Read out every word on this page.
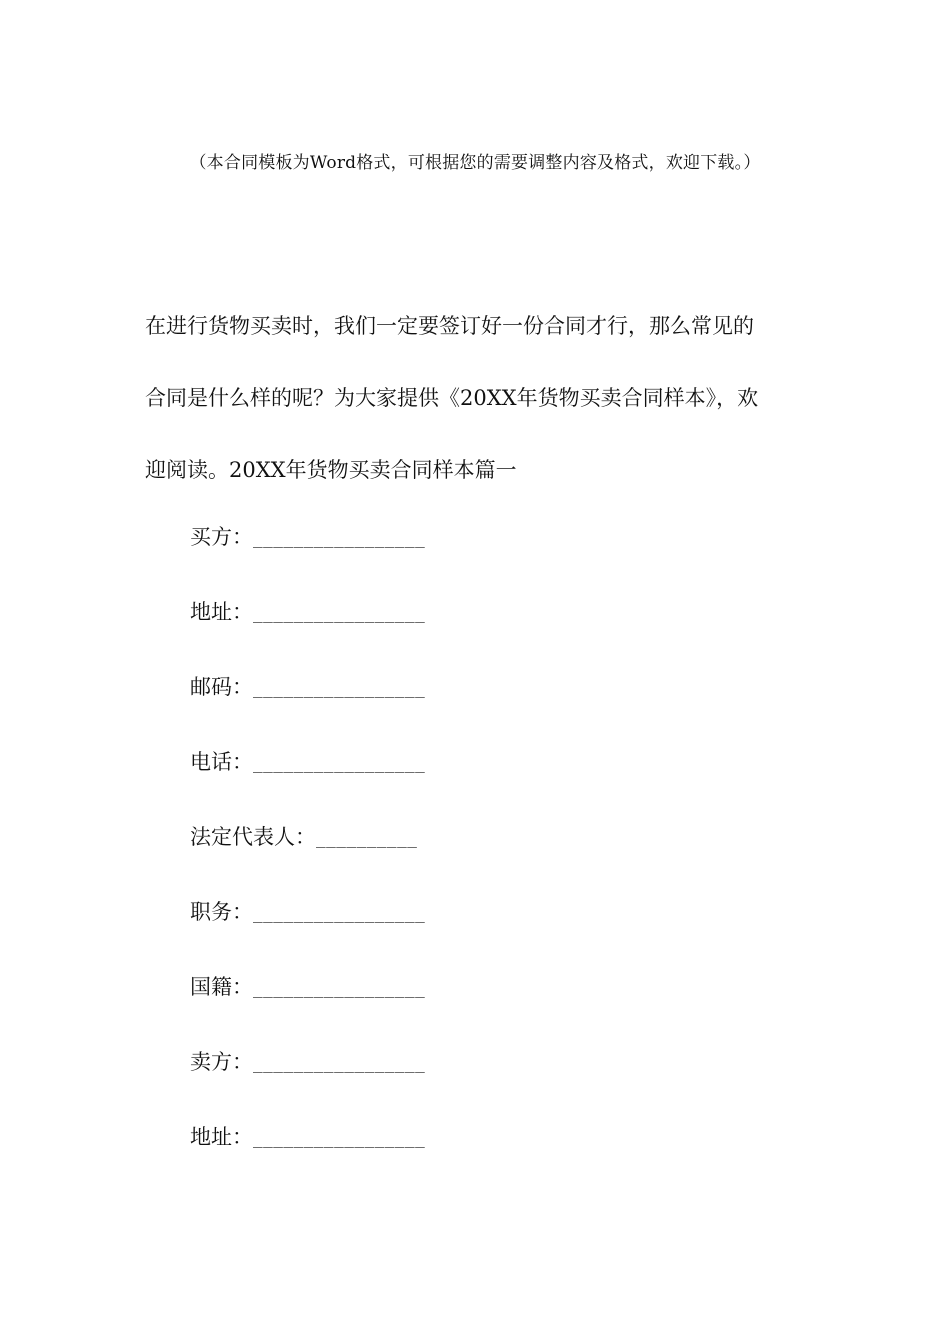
（本合同模板为Word格式，可根据您的需要调整内容及格式，欢迎下载。）
在进行货物买卖时，我们一定要签订好一份合同才行，那么常见的
合同是什么样的呢？为大家提供《20XX年货物买卖合同样本》，欢
迎阅读。20XX年货物买卖合同样本篇一
买方：_________________
地址：_________________
邮码：_________________
电话：_________________
法定代表人：__________
职务：_________________
国籍：_________________
卖方：_________________
地址：_________________
